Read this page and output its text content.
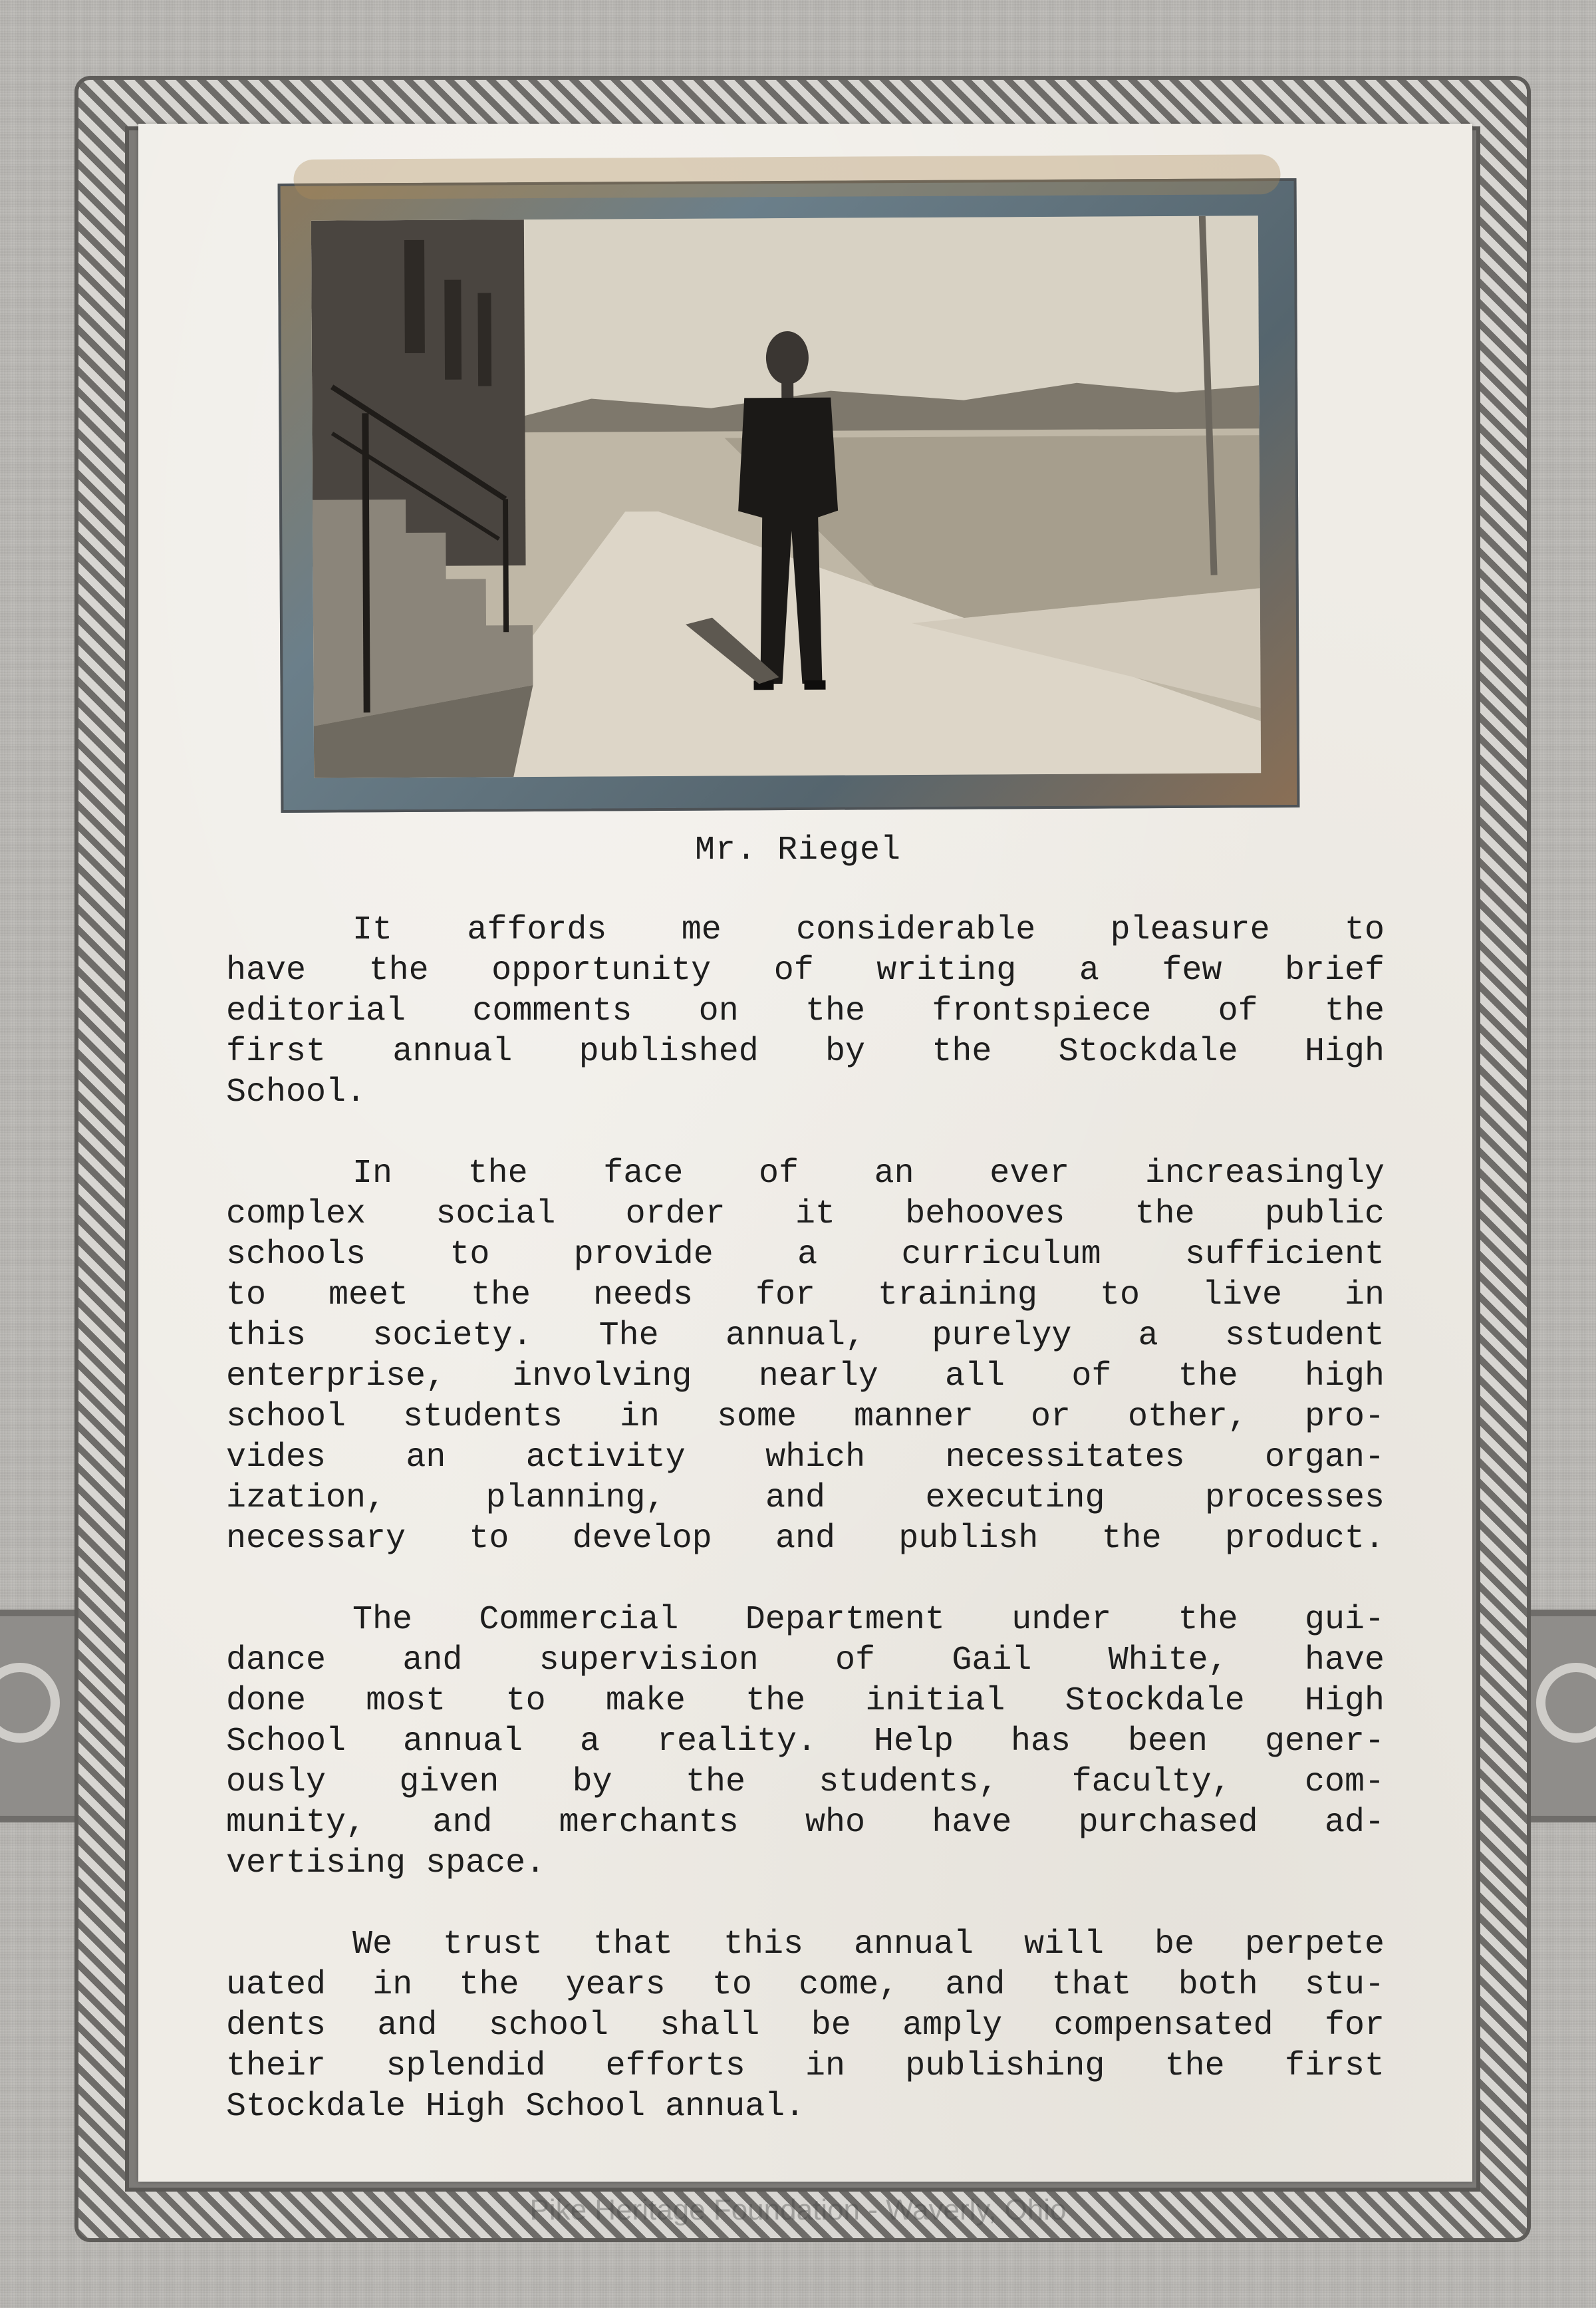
Mr. Riegel
It affords me considerable pleasure to
have the opportunity of writing a few brief
editorial comments on the frontspiece of the
first annual published by the Stockdale High
School.
In the face of an ever increasingly
complex social order it behooves the public
schools to provide a curriculum sufficient
to meet the needs for training to live in
this society. The annual, purelyy a sstudent
enterprise, involving nearly all of the high
school students in some manner or other, pro-
vides an activity which necessitates organ-
ization, planning, and executing processes
necessary to develop and publish the product.
The Commercial Department under the gui-
dance and supervision of Gail White, have
done most to make the initial Stockdale High
School annual a reality. Help has been gener-
ously given by the students, faculty, com-
munity, and merchants who have purchased ad-
vertising space.
We trust that this annual will be perpete
uated in the years to come, and that both stu-
dents and school shall be amply compensated for
their splendid efforts in publishing the first
Stockdale High School annual.
Pike Heritage Foundation - Waverly, Ohio
